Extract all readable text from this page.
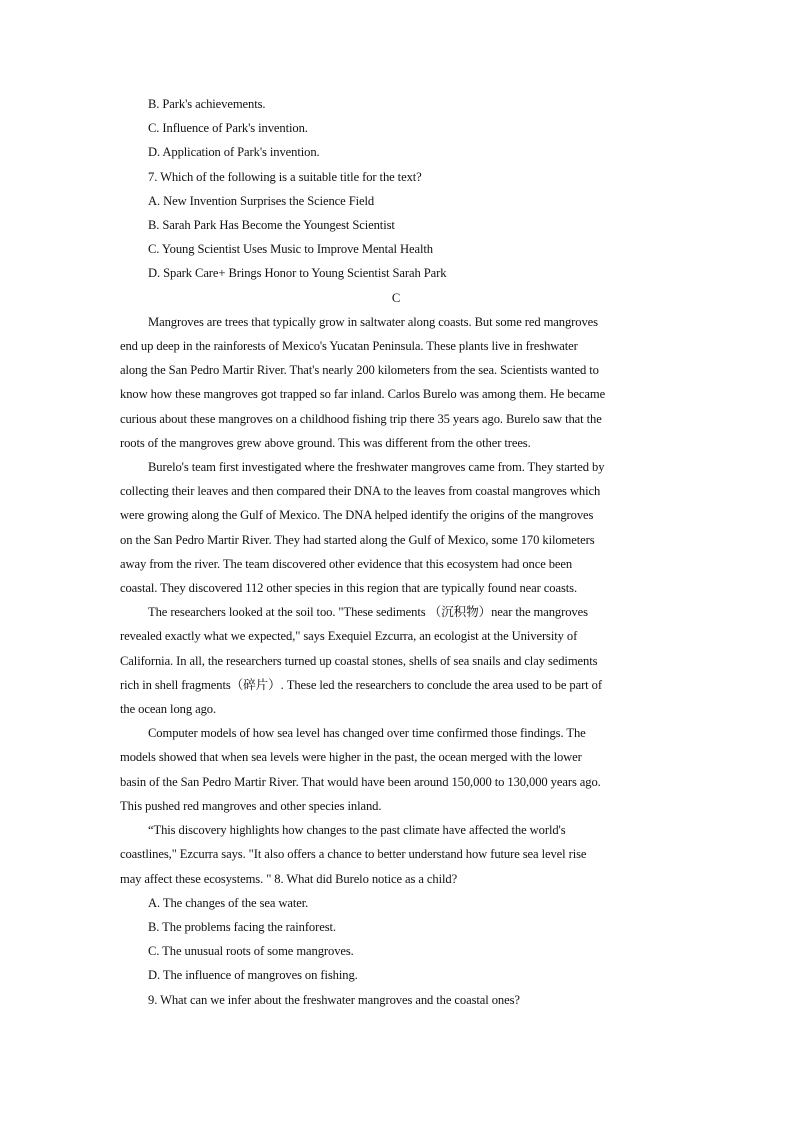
B. Park's achievements.

C. Influence of Park's invention.

D. Application of Park's invention.

7. Which of the following is a suitable title for the text?

A. New Invention Surprises the Science Field

B. Sarah Park Has Become the Youngest Scientist

C. Young Scientist Uses Music to Improve Mental Health

D. Spark Care+ Brings Honor to Young Scientist Sarah Park

C

Mangroves are trees that typically grow in saltwater along coasts. But some red mangroves

end up deep in the rainforests of Mexico's Yucatan Peninsula. These plants live in freshwater

along the San Pedro Martir River. That's nearly 200 kilometers from the sea. Scientists wanted to

know how these mangroves got trapped so far inland. Carlos Burelo was among them. He became

curious about these mangroves on a childhood fishing trip there 35 years ago. Burelo saw that the

roots of the mangroves grew above ground. This was different from the other trees.

Burelo's team first investigated where the freshwater mangroves came from. They started by

collecting their leaves and then compared their DNA to the leaves from coastal mangroves which

were growing along the Gulf of Mexico. The DNA helped identify the origins of the mangroves

on the San Pedro Martir River. They had started along the Gulf of Mexico, some 170 kilometers

away from the river. The team discovered other evidence that this ecosystem had once been

coastal. They discovered 112 other species in this region that are typically found near coasts.

The researchers looked at the soil too. "These sediments （沉积物）near the mangroves

revealed exactly what we expected," says Exequiel Ezcurra, an ecologist at the University of

California. In all, the researchers turned up coastal stones, shells of sea snails and clay sediments

rich in shell fragments（碎片）. These led the researchers to conclude the area used to be part of

the ocean long ago.

Computer models of how sea level has changed over time confirmed those findings. The

models showed that when sea levels were higher in the past, the ocean merged with the lower

basin of the San Pedro Martir River. That would have been around 150,000 to 130,000 years ago.

This pushed red mangroves and other species inland.

“This discovery highlights how changes to the past climate have affected the world's

coastlines," Ezcurra says. "It also offers a chance to better understand how future sea level rise

may affect these ecosystems. " 8. What did Burelo notice as a child?

A. The changes of the sea water.

B. The problems facing the rainforest.

C. The unusual roots of some mangroves.

D. The influence of mangroves on fishing.

9. What can we infer about the freshwater mangroves and the coastal ones?
